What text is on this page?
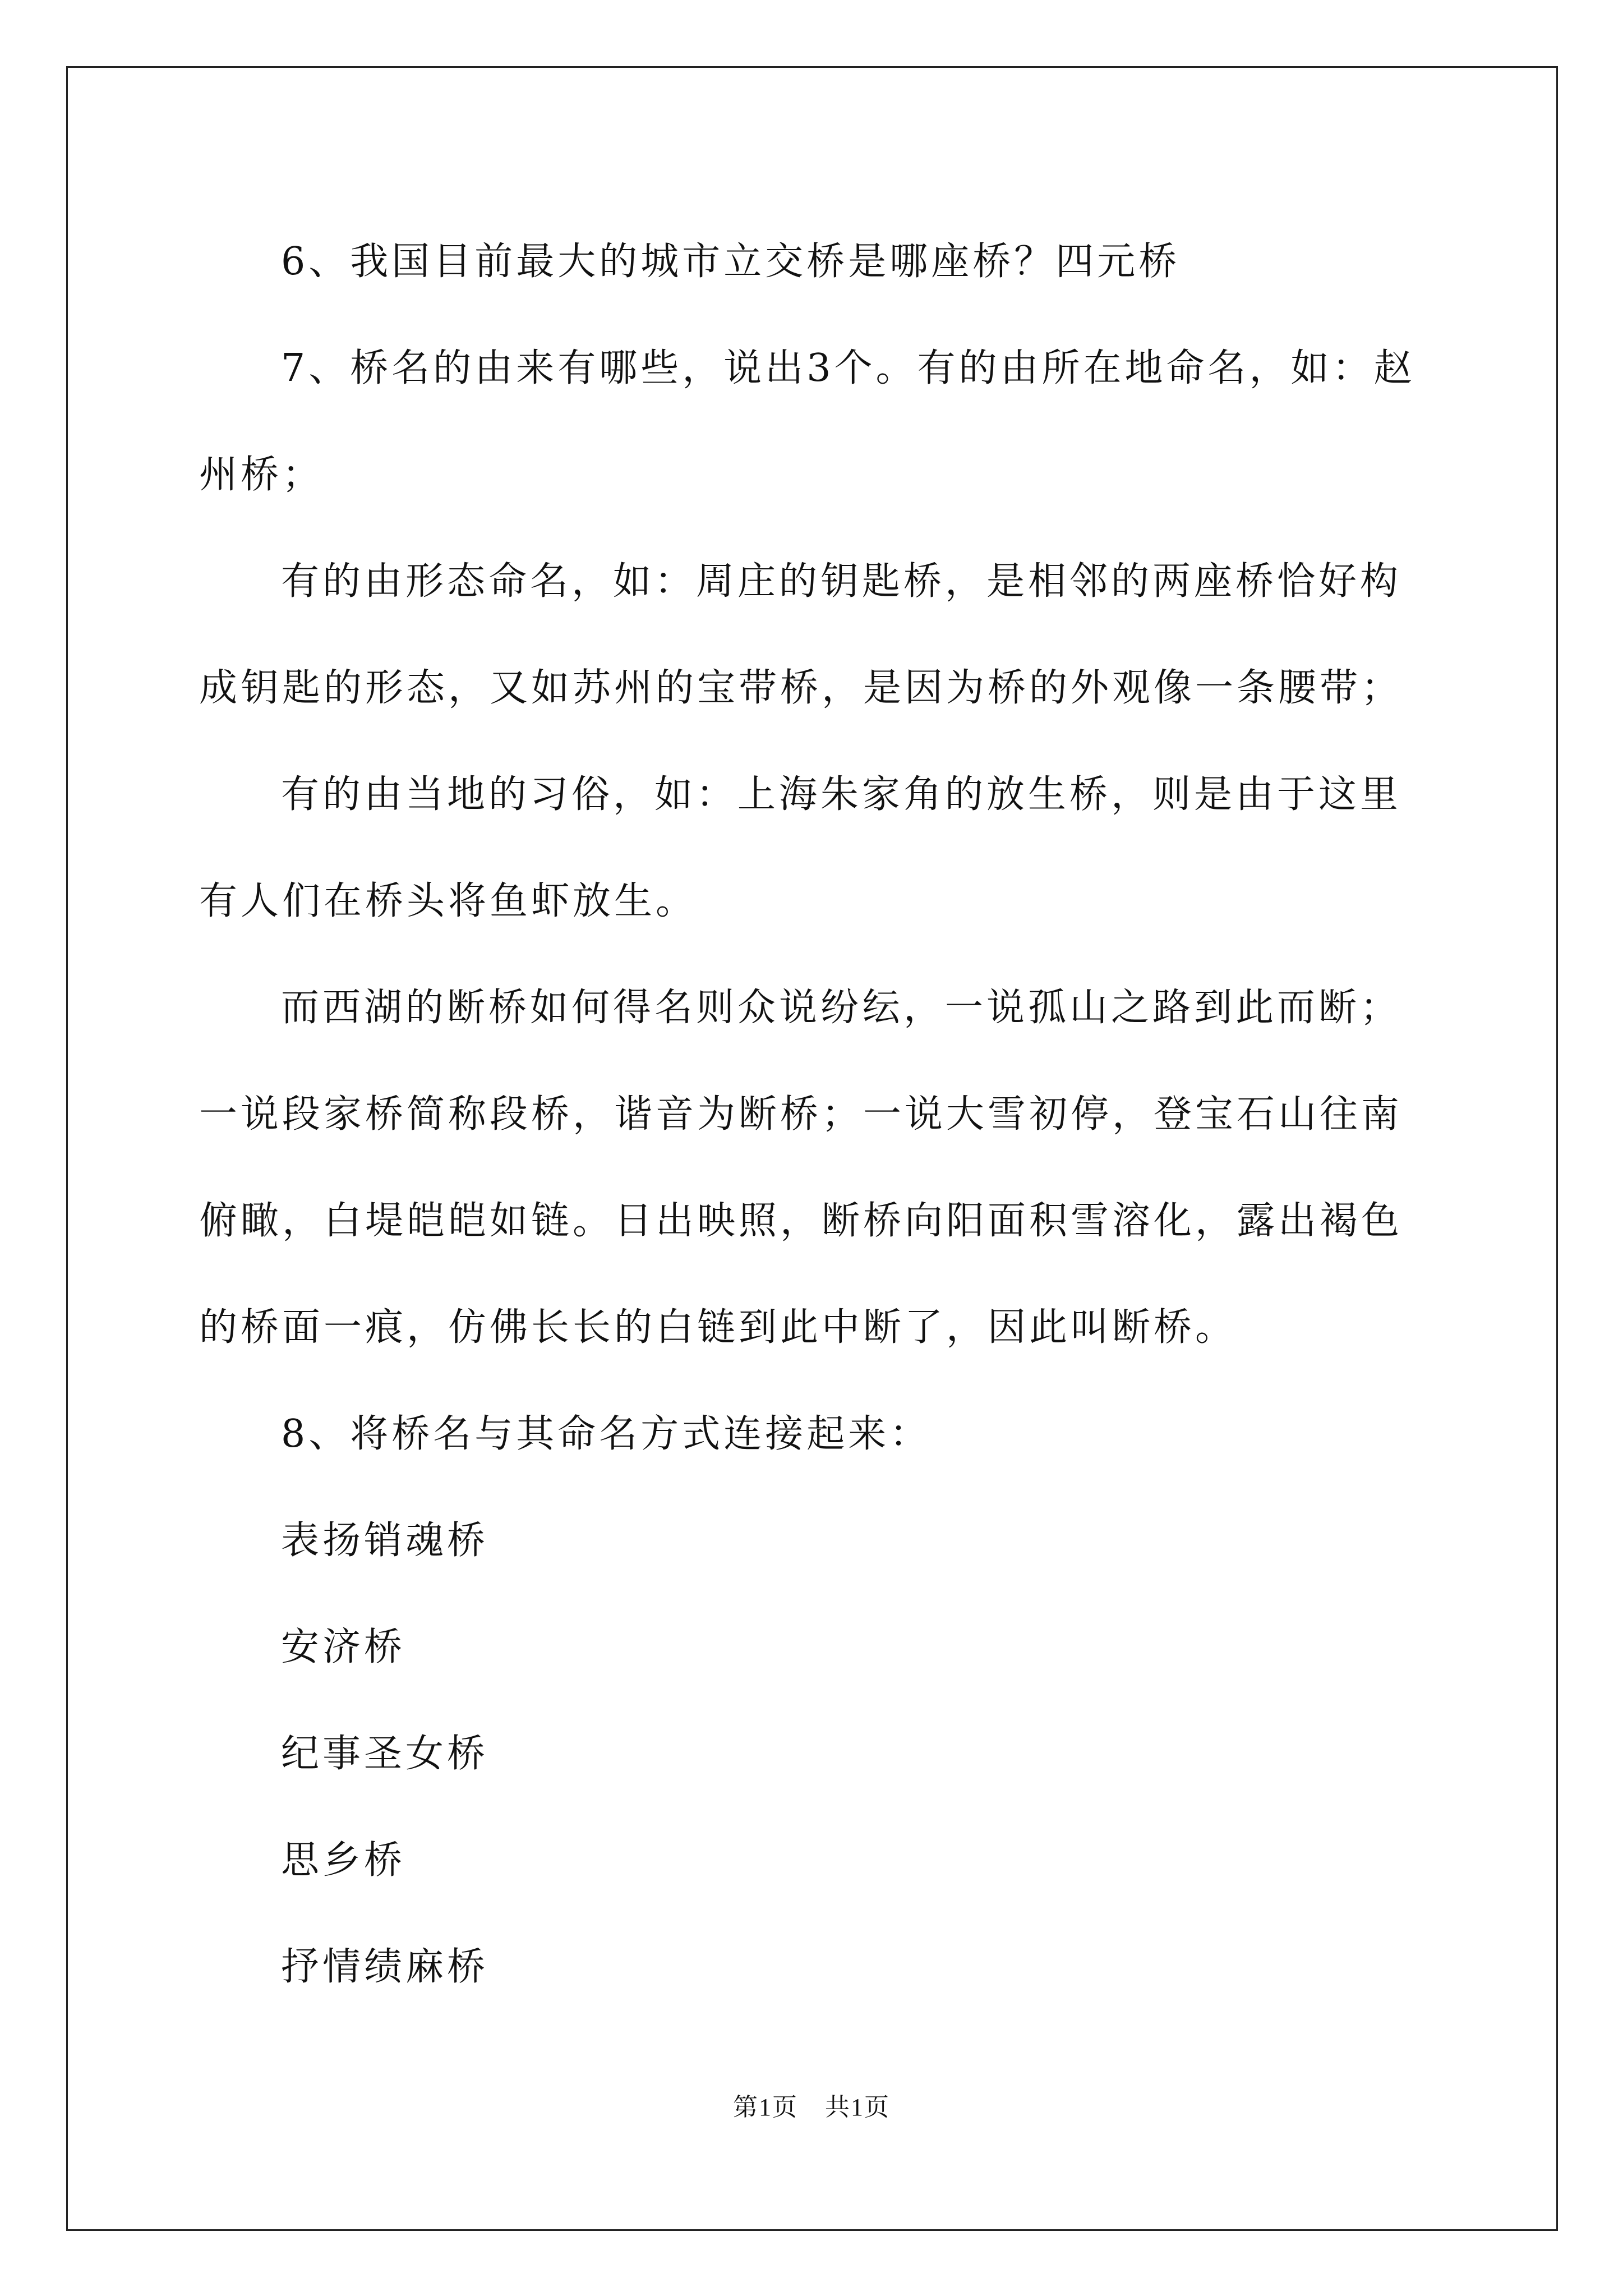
6、我国目前最大的城市立交桥是哪座桥？四元桥

7、桥名的由来有哪些，说出3个。有的由所在地命名，如：赵州桥；

有的由形态命名，如：周庄的钥匙桥，是相邻的两座桥恰好构成钥匙的形态，又如苏州的宝带桥，是因为桥的外观像一条腰带；

有的由当地的习俗，如：上海朱家角的放生桥，则是由于这里有人们在桥头将鱼虾放生。

而西湖的断桥如何得名则众说纷纭，一说孤山之路到此而断；一说段家桥简称段桥，谐音为断桥；一说大雪初停，登宝石山往南俯瞰，白堤皑皑如链。日出映照，断桥向阳面积雪溶化，露出褐色的桥面一痕，仿佛长长的白链到此中断了，因此叫断桥。

8、将桥名与其命名方式连接起来：

表扬销魂桥

安济桥

纪事圣女桥

思乡桥

抒情绩麻桥

第1页 共1页
